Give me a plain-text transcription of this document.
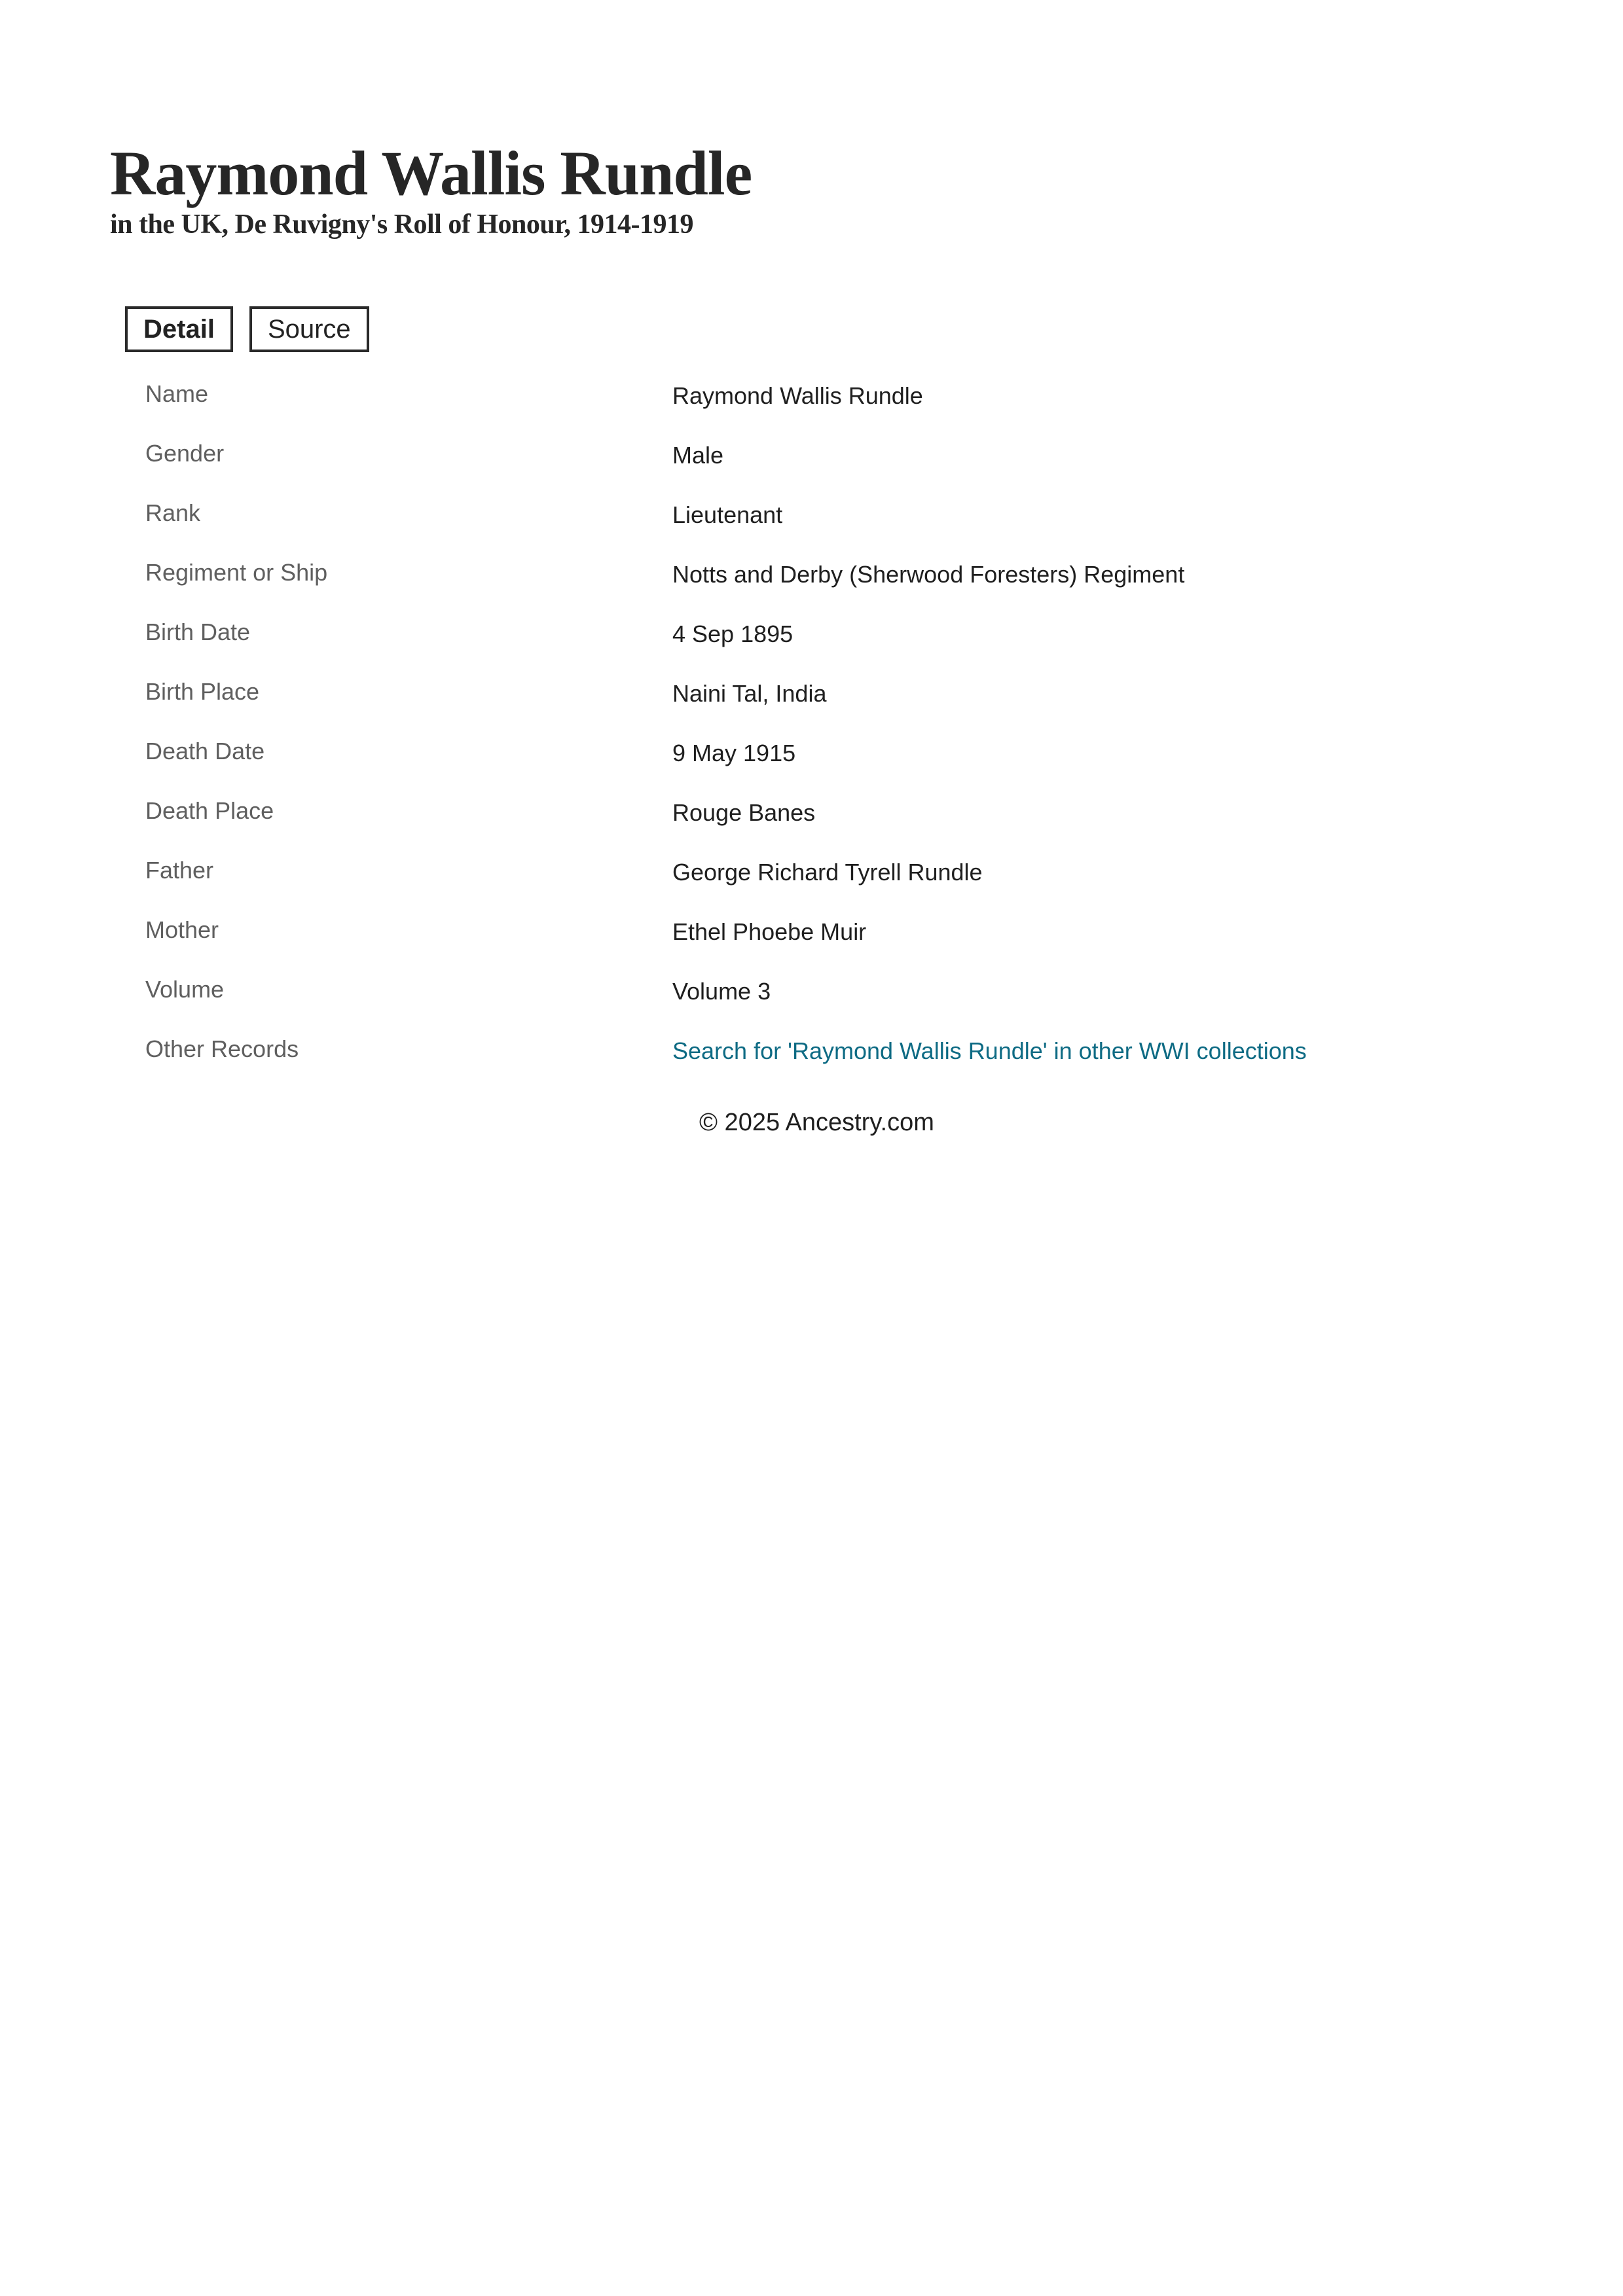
Raymond Wallis Rundle
in the UK, De Ruvigny's Roll of Honour, 1914-1919
Detail	Source
Name	Raymond Wallis Rundle
Gender	Male
Rank	Lieutenant
Regiment or Ship	Notts and Derby (Sherwood Foresters) Regiment
Birth Date	4 Sep 1895
Birth Place	Naini Tal, India
Death Date	9 May 1915
Death Place	Rouge Banes
Father	George Richard Tyrell Rundle
Mother	Ethel Phoebe Muir
Volume	Volume 3
Other Records	Search for 'Raymond Wallis Rundle' in other WWI collections
© 2025 Ancestry.com
